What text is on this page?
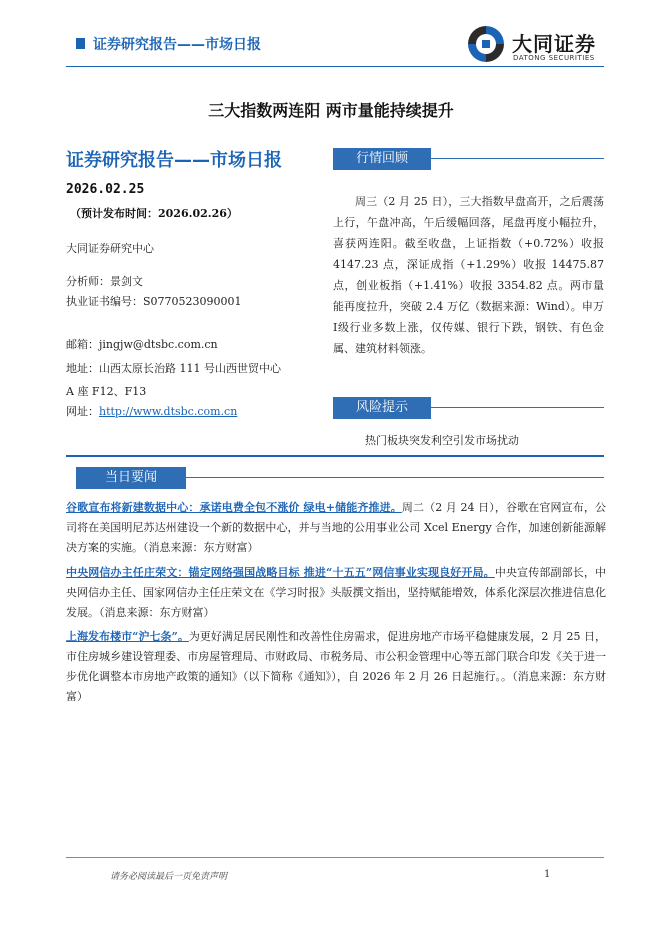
证券研究报告——市场日报	大同证券
DATONG SECURITIES
三大指数两连阳 两市量能持续提升
证券研究报告——市场日报
2026.02.25
（预计发布时间：2026.02.26）
大同证券研究中心
分析师：景剑文
执业证书编号：S0770523090001
邮箱：jingjw@dtsbc.com.cn
地址：山西太原长治路 111 号山西世贸中心
A 座 F12、F13
网址：http://www.dtsbc.com.cn
行情回顾
周三（2 月 25 日），三大指数早盘高开，之后震荡上行，午盘冲高，午后缓幅回落，尾盘再度小幅拉升，喜获两连阳。截至收盘，上证指数（+0.72%）收报 4147.23 点，深证成指（+1.29%）收报 14475.87 点，创业板指（+1.41%）收报 3354.82 点。两市量能再度拉升，突破 2.4 万亿（数据来源：Wind）。申万Ⅰ级行业多数上涨，仅传媒、银行下跌，钢铁、有色金属、建筑材料领涨。
风险提示
热门板块突发利空引发市场扰动
当日要闻
谷歌宣布将新建数据中心：承诺电费全包不涨价 绿电+储能齐推进。周二（2 月 24 日），谷歌在官网宣布，公司将在美国明尼苏达州建设一个新的数据中心，并与当地的公用事业公司 Xcel Energy 合作，加速创新能源解决方案的实施。（消息来源：东方财富）
中央网信办主任庄荣文：锚定网络强国战略目标 推进“十五五”网信事业实现良好开局。中央宣传部副部长，中央网信办主任、国家网信办主任庄荣文在《学习时报》头版撰文指出，坚持赋能增效，体系化深层次推进信息化发展。（消息来源：东方财富）
上海发布楼市“沪七条”。为更好满足居民刚性和改善性住房需求，促进房地产市场平稳健康发展，2 月 25 日，市住房城乡建设管理委、市房屋管理局、市财政局、市税务局、市公积金管理中心等五部门联合印发《关于进一步优化调整本市房地产政策的通知》（以下简称《通知》），自 2026 年 2 月 26 日起施行。。（消息来源：东方财富）
请务必阅读最后一页免责声明	1
